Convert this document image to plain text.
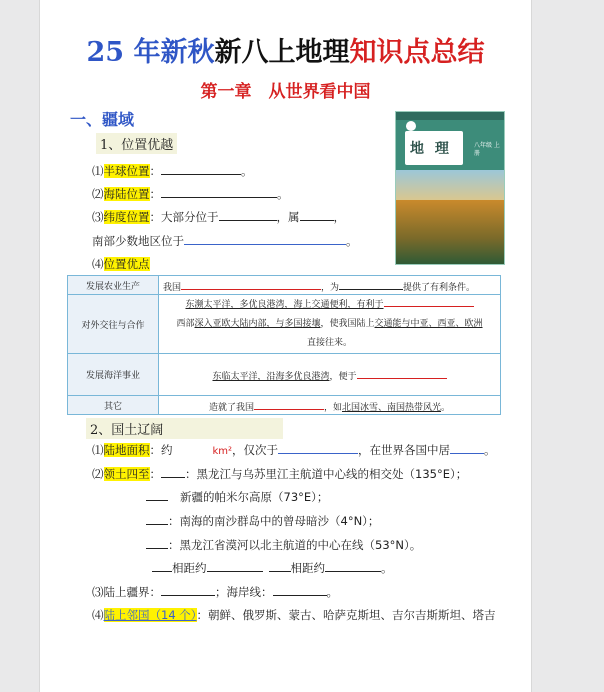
25 年新秋新八上地理知识点总结
第一章　从世界看中国
一、疆域
1、位置优越
⑴半球位置：	。
⑵海陆位置：	。
⑶纬度位置：大部分位于	，属	，
南部少数地区位于	。
⑷位置优点
地 理	八年级 上册
发展农业生产	我国 ，为 提供了有利条件。
对外交往与合作	东濒太平洋，多优良港湾，海上交通便利，有利于
西部深入亚欧大陆内部，与多国接壤，使我国陆上交通能与中亚、西亚、欧洲
直接往来。
发展海洋事业	东临太平洋，沿海多优良港湾，便于
其它	造就了我国 ，如北国冰雪、南国热带风光。
2、国土辽阔
⑴陆地面积：约	km²，仅次于	，在世界各国中居	。
⑵领土四至： ：黑龙江与乌苏里江主航道中心线的相交处（135°E）；
新疆的帕米尔高原（73°E）；
：南海的南沙群岛中的曾母暗沙（4°N）；
：黑龙江省漠河以北主航道的中心在线（53°N）。
相距约	相距约	。
⑶陆上疆界：	；海岸线：	。
⑷陆上邻国（14 个）：朝鲜、俄罗斯、蒙古、哈萨克斯坦、吉尔吉斯斯坦、塔吉
